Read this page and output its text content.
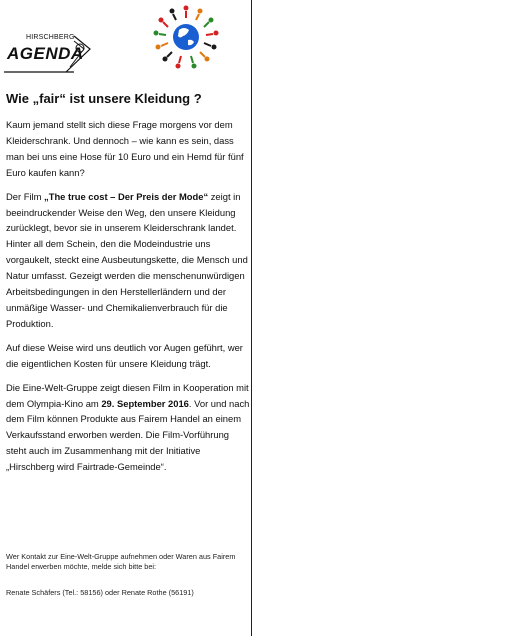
HIRSCHBERG
AGENDA
Wie „fair“ ist unsere Kleidung ?

Kaum jemand stellt sich diese Frage morgens vor dem Kleiderschrank. Und dennoch – wie kann es sein, dass man bei uns eine Hose für 10 Euro und ein Hemd für fünf Euro kaufen kann?

Der Film „The true cost – Der Preis der Mode“ zeigt in beeindruckender Weise den Weg, den unsere Kleidung zurücklegt, bevor sie in unserem Kleiderschrank landet. Hinter all dem Schein, den die Modeindustrie uns vorgaukelt, steckt eine Ausbeutungskette, die Mensch und Natur umfasst. Gezeigt werden die menschenunwürdigen Arbeitsbedingungen in den Herstellerländern und der unmäßige Wasser- und Chemikalienverbrauch für die Produktion.

Auf diese Weise wird uns deutlich vor Augen geführt, wer die eigentlichen Kosten für unsere Kleidung trägt.

Die Eine-Welt-Gruppe zeigt diesen Film in Kooperation mit dem Olympia-Kino am 29. September 2016. Vor und nach dem Film können Produkte aus Fairem Handel an einem Verkaufsstand erworben werden. Die Film-Vorführung steht auch im Zusammenhang mit der Initiative „Hirschberg wird Fairtrade-Gemeinde“.

Wer Kontakt zur Eine-Welt-Gruppe aufnehmen oder Waren aus Fairem Handel erwerben möchte, melde sich bitte bei:

Renate Schäfers (Tel.: 58156) oder Renate Rothe (56191)
